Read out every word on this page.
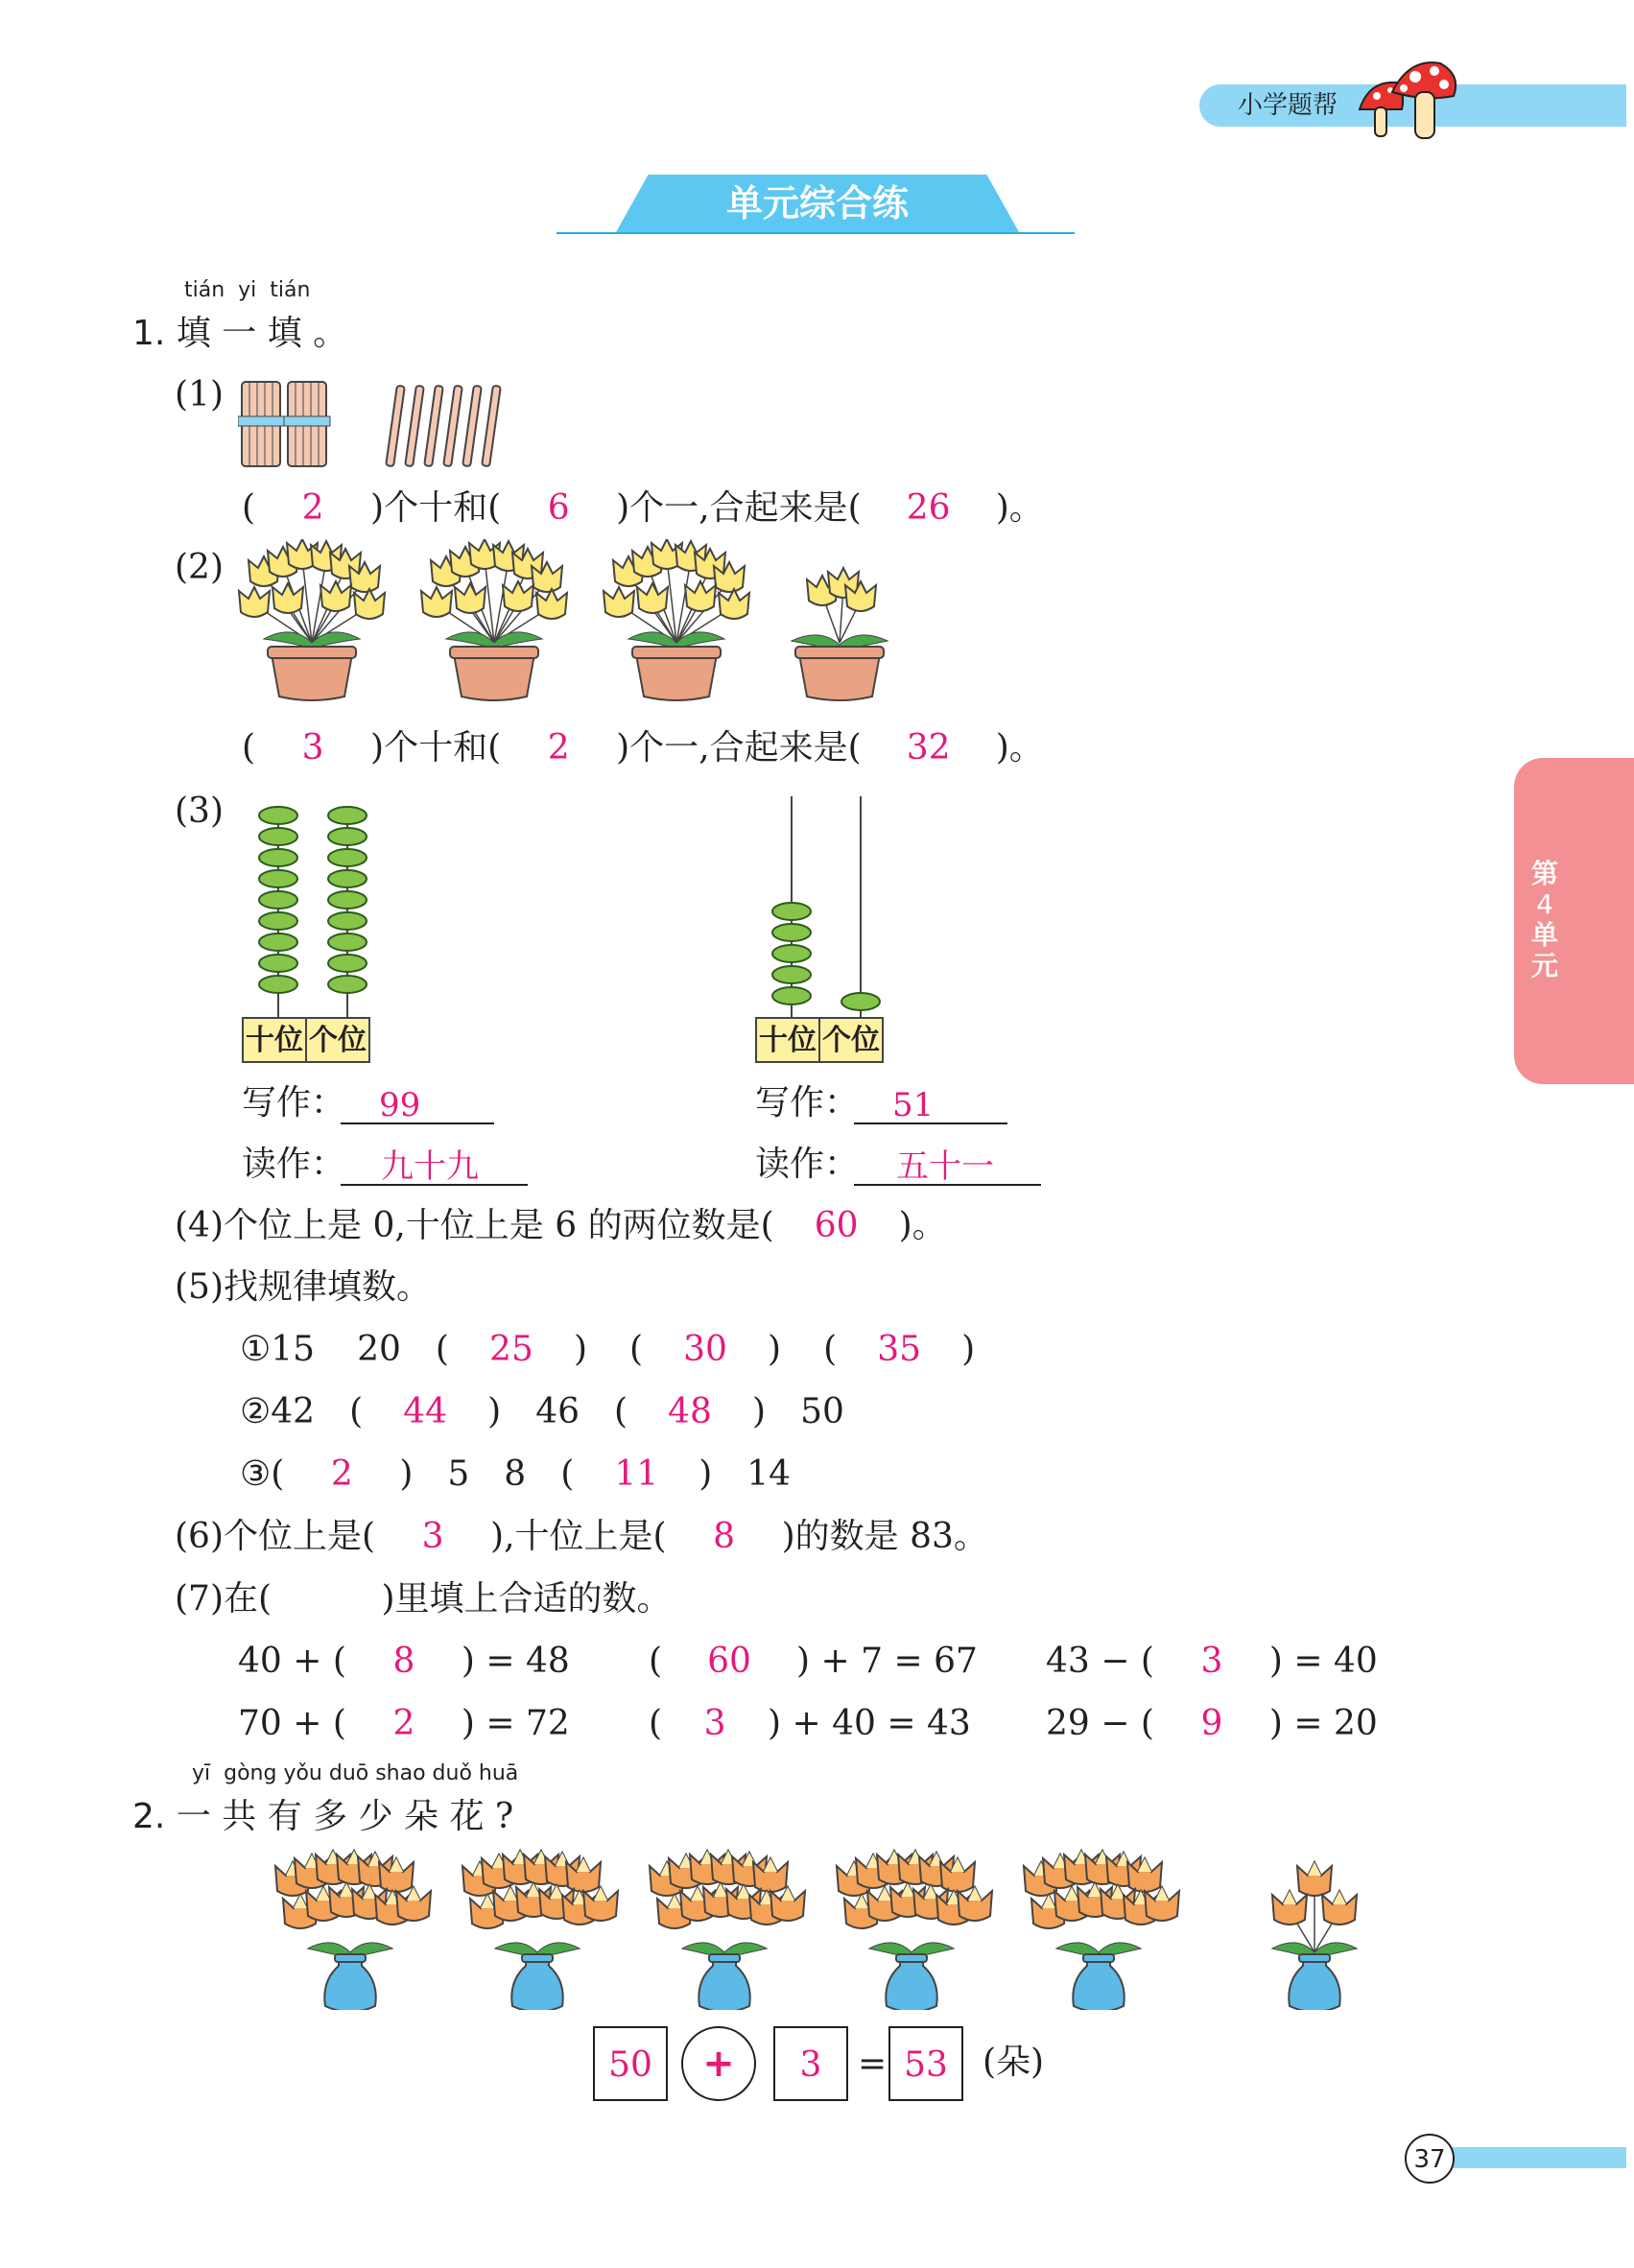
小学题帮
单元综合练
第
4
单
元
tián  yi  tián
1. 填 一 填 。
(1)
( 2 )个十和( 6 )个一,合起来是( 26 )。
(2)
( 3 )个十和( 2 )个一,合起来是( 32 )。
(3)
十位 个位	十位 个位
写作：	99
读作：	九十九
写作：	51
读作：	五十一
(4)个位上是 0,十位上是 6 的两位数是( 60 )。
(5)找规律填数。
①15 20 ( 25 ) ( 30 ) ( 35 )
②42 ( 44 ) 46 ( 48 ) 50
③( 2 ) 5 8 ( 11 ) 14
(6)个位上是( 3 ),十位上是( 8 )的数是 83。
(7)在(          )里填上合适的数。
40 + ( 8 ) = 48 ( 60 ) + 7 = 67 43 − ( 3 ) = 40
70 + ( 2 ) = 72 ( 3 ) + 40 = 43 29 − ( 9 ) = 20
yī  gòng yǒu duō shao duǒ huā
2. 一 共 有 多 少 朵 花 ?
50	+	3	= 53	(朵)
37
